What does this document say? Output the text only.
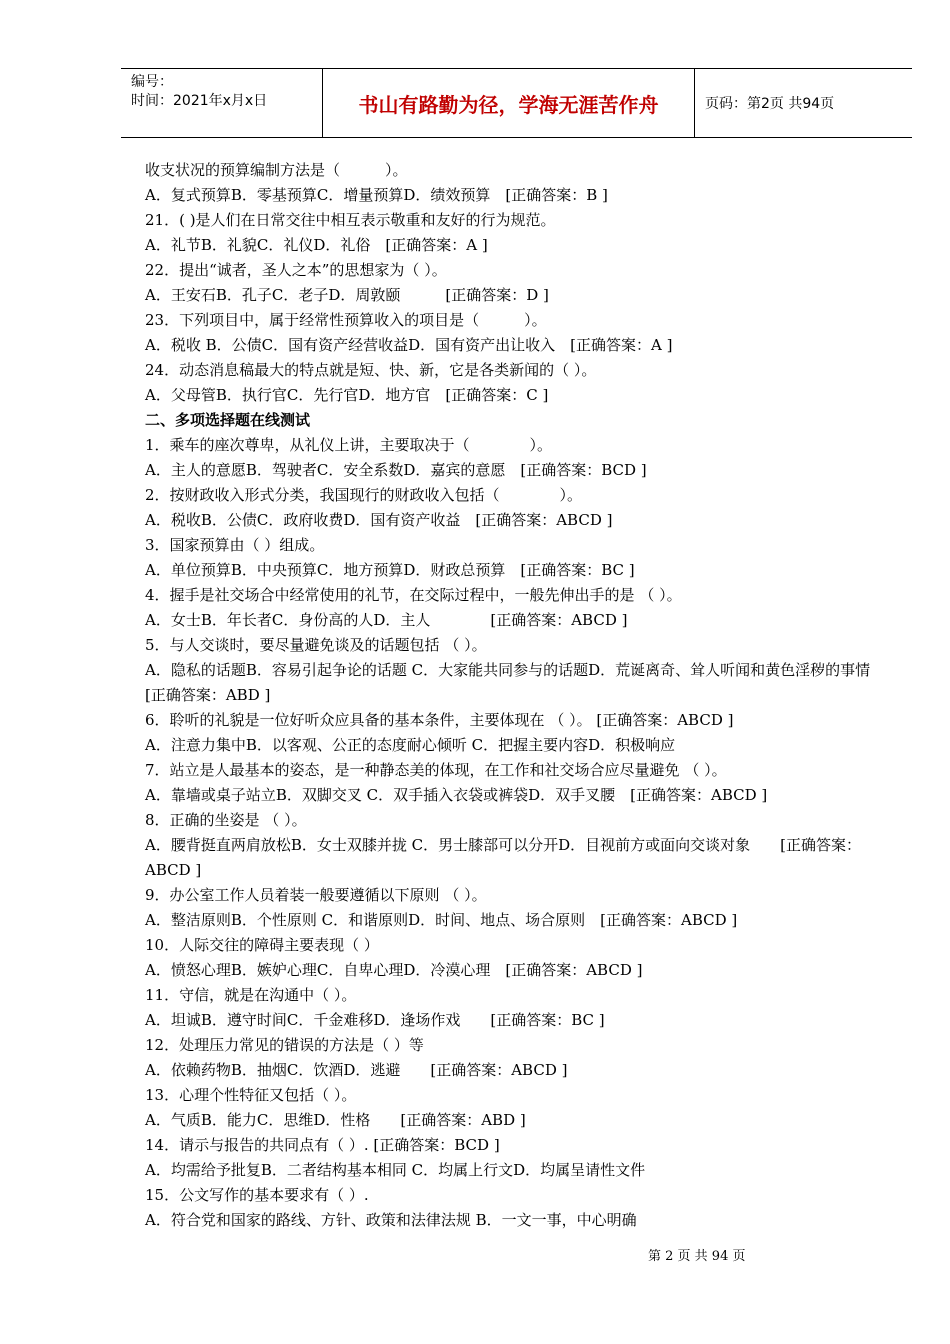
编号：
时间：2021年x月x日	书山有路勤为径，学海无涯苦作舟	页码：第2页 共94页
收支状况的预算编制方法是（　　　）。
A．复式预算B．零基预算C．增量预算D．绩效预算　[正确答案：B ]
21．( )是人们在日常交往中相互表示敬重和友好的行为规范。
A．礼节B．礼貌C．礼仪D．礼俗　[正确答案：A ]
22．提出“诚者，圣人之本”的思想家为（ ）。
A．王安石B．孔子C．老子D．周敦颐　　　[正确答案：D ]
23．下列项目中，属于经常性预算收入的项目是（　　　）。
A．税收 B．公债C．国有资产经营收益D．国有资产出让收入　[正确答案：A ]
24．动态消息稿最大的特点就是短、快、新，它是各类新闻的（ ）。
A．父母管B．执行官C．先行官D．地方官　[正确答案：C ]
二、多项选择题在线测试
1．乘车的座次尊卑，从礼仪上讲，主要取决于（　　　　）。
A．主人的意愿B．驾驶者C．安全系数D．嘉宾的意愿　[正确答案：BCD ]
2．按财政收入形式分类，我国现行的财政收入包括（　　　　）。
A．税收B．公债C．政府收费D．国有资产收益　[正确答案：ABCD ]
3．国家预算由（ ）组成。
A．单位预算B．中央预算C．地方预算D．财政总预算　[正确答案：BC ]
4．握手是社交场合中经常使用的礼节，在交际过程中，一般先伸出手的是 （ ）。
A．女士B．年长者C．身份高的人D．主人　　　　[正确答案：ABCD ]
5．与人交谈时，要尽量避免谈及的话题包括 （ ）。
A．隐私的话题B．容易引起争论的话题 C．大家能共同参与的话题D．荒诞离奇、耸人听闻和黄色淫秽的事情　　　　[正确答案：ABD ]
6．聆听的礼貌是一位好听众应具备的基本条件，主要体现在 （ ）。 [正确答案：ABCD ]
A．注意力集中B．以客观、公正的态度耐心倾听 C．把握主要内容D．积极响应
7．站立是人最基本的姿态，是一种静态美的体现，在工作和社交场合应尽量避免 （ ）。
A．靠墙或桌子站立B．双脚交叉 C．双手插入衣袋或裤袋D．双手叉腰　[正确答案：ABCD ]
8．正确的坐姿是 （ ）。
A．腰背挺直两肩放松B．女士双膝并拢 C．男士膝部可以分开D．目视前方或面向交谈对象　　[正确答案：ABCD ]
9．办公室工作人员着装一般要遵循以下原则 （ ）。
A．整洁原则B．个性原则 C．和谐原则D．时间、地点、场合原则　[正确答案：ABCD ]
10．人际交往的障碍主要表现（ ）
A．愤怒心理B．嫉妒心理C．自卑心理D．冷漠心理　[正确答案：ABCD ]
11．守信，就是在沟通中（ ）。
A．坦诚B．遵守时间C．千金难移D．逢场作戏　　[正确答案：BC ]
12．处理压力常见的错误的方法是（ ）等
A．依赖药物B．抽烟C．饮酒D．逃避　　[正确答案：ABCD ]
13．心理个性特征又包括（ ）。
A．气质B．能力C．思维D．性格　　[正确答案：ABD ]
14．请示与报告的共同点有（ ）. [正确答案：BCD ]
A．均需给予批复B．二者结构基本相同 C．均属上行文D．均属呈请性文件
15．公文写作的基本要求有（ ）.
A．符合党和国家的路线、方针、政策和法律法规 B．一文一事，中心明确
第 2 页 共 94 页
